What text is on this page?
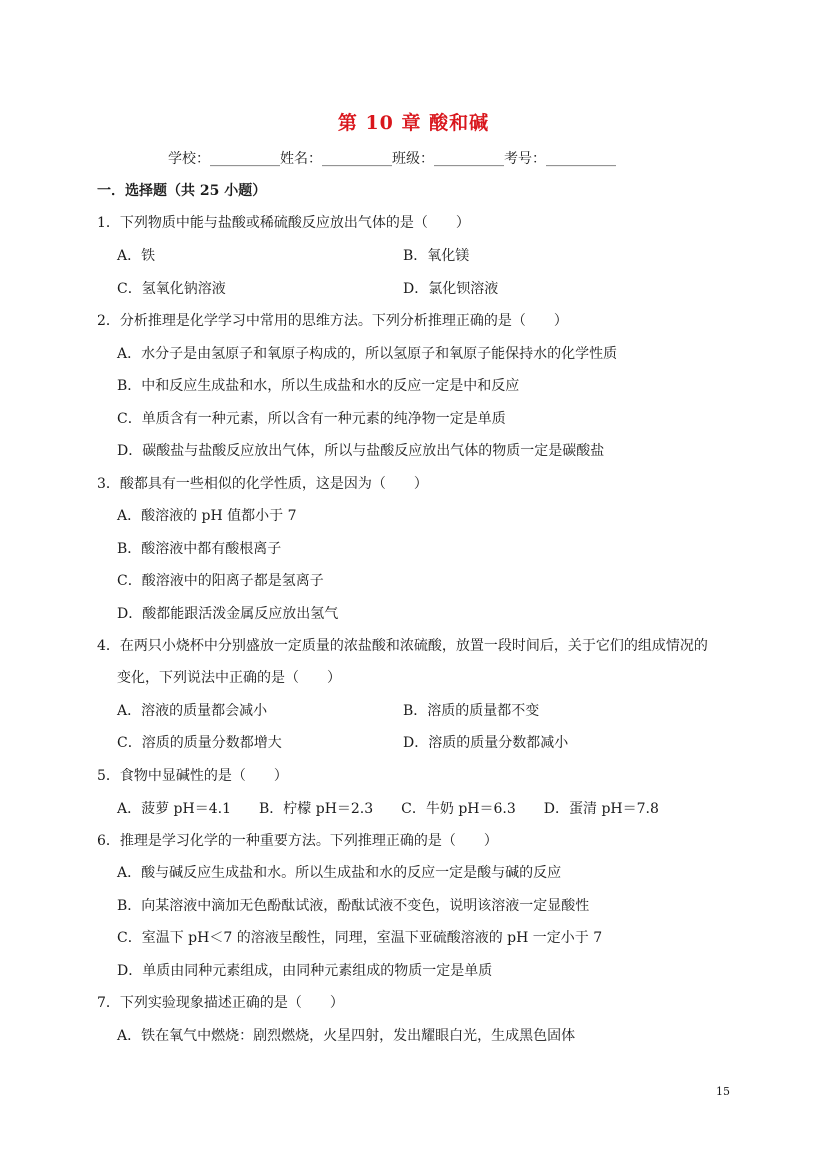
第 10 章 酸和碱
学校：__________姓名：__________班级：__________考号：__________
一．选择题（共 25 小题）
1．下列物质中能与盐酸或稀硫酸反应放出气体的是（　　）
A．铁	B．氧化镁
C．氢氧化钠溶液	D．氯化钡溶液
2．分析推理是化学学习中常用的思维方法。下列分析推理正确的是（　　）
A．水分子是由氢原子和氧原子构成的，所以氢原子和氧原子能保持水的化学性质
B．中和反应生成盐和水，所以生成盐和水的反应一定是中和反应
C．单质含有一种元素，所以含有一种元素的纯净物一定是单质
D．碳酸盐与盐酸反应放出气体，所以与盐酸反应放出气体的物质一定是碳酸盐
3．酸都具有一些相似的化学性质，这是因为（　　）
A．酸溶液的 pH 值都小于 7
B．酸溶液中都有酸根离子
C．酸溶液中的阳离子都是氢离子
D．酸都能跟活泼金属反应放出氢气
4．在两只小烧杯中分别盛放一定质量的浓盐酸和浓硫酸，放置一段时间后，关于它们的组成情况的
变化，下列说法中正确的是（　　）
A．溶液的质量都会减小	B．溶质的质量都不变
C．溶质的质量分数都增大	D．溶质的质量分数都减小
5．食物中显碱性的是（　　）
A．菠萝 pH＝4.1　　B．柠檬 pH＝2.3　　C．牛奶 pH＝6.3　　D．蛋清 pH＝7.8
6．推理是学习化学的一种重要方法。下列推理正确的是（　　）
A．酸与碱反应生成盐和水。所以生成盐和水的反应一定是酸与碱的反应
B．向某溶液中滴加无色酚酞试液，酚酞试液不变色，说明该溶液一定显酸性
C．室温下 pH＜7 的溶液呈酸性，同理，室温下亚硫酸溶液的 pH 一定小于 7
D．单质由同种元素组成，由同种元素组成的物质一定是单质
7．下列实验现象描述正确的是（　　）
A．铁在氧气中燃烧：剧烈燃烧，火星四射，发出耀眼白光，生成黑色固体
15
